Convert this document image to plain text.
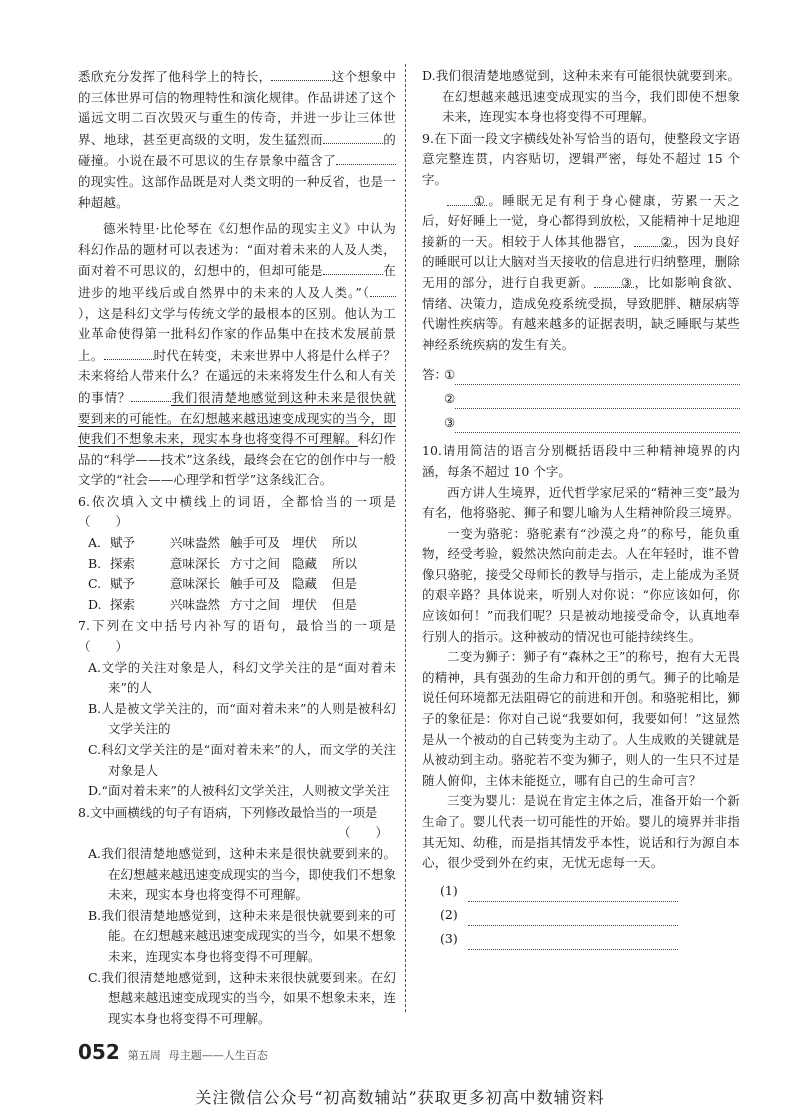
悉欣充分发挥了他科学上的特长，	这个想象中的三体世界可信的物理特性和演化规律。作品讲述了这个遥远文明二百次毁灭与重生的传奇，并进一步让三体世界、地球，甚至更高级的文明，发生猛烈而	的碰撞。小说在最不可思议的生存景象中蕴含了的现实性。这部作品既是对人类文明的一种反省，也是一种超越。

德米特里·比伦琴在《幻想作品的现实主义》中认为科幻作品的题材可以表述为：“面对着未来的人及人类，面对着不可思议的，幻想中的，但却可能是	在进步的地平线后或自然界中的未来的人及人类。”（），这是科幻文学与传统文学的最根本的区别。他认为工业革命使得第一批科幻作家的作品集中在技术发展前景上。	时代在转变，未来世界中人将是什么样子？未来将给人带来什么？在遥远的未来将发生什么和人有关的事情？	我们很清楚地感觉到这种未来是很快就要到来的可能性。在幻想越来越迅速变成现实的当今，即使我们不想象未来，现实本身也将变得不可理解。科幻作品的“科学——技术”这条线，最终会在它的创作中与一般文学的“社会——心理学和哲学”这条线汇合。

6.依次填入文中横线上的词语，全都恰当的一项是（　　）

A. 赋予	兴味盎然 触手可及 埋伏	所以
B. 探索	意味深长 方寸之间 隐藏	所以
C. 赋予	意味深长 触手可及 隐藏	但是
D. 探索	兴味盎然 方寸之间 埋伏	但是

7.下列在文中括号内补写的语句，最恰当的一项是（　　）

A.文学的关注对象是人，科幻文学关注的是“面对着未来”的人

B.人是被文学关注的，而“面对着未来”的人则是被科幻文学关注的

C.科幻文学关注的是“面对着未来”的人，而文学的关注对象是人

D.“面对着未来”的人被科幻文学关注，人则被文学关注

8.文中画横线的句子有语病，下列修改最恰当的一项是

（　　）

A.我们很清楚地感觉到，这种未来是很快就要到来的。在幻想越来越迅速变成现实的当今，即使我们不想象未来，现实本身也将变得不可理解。

B.我们很清楚地感觉到，这种未来是很快就要到来的可能。在幻想越来越迅速变成现实的当今，如果不想象未来，连现实本身也将变得不可理解。

C.我们很清楚地感觉到，这种未来很快就要到来。在幻想越来越迅速变成现实的当今，如果不想象未来，连现实本身也将变得不可理解。

D.我们很清楚地感觉到，这种未来有可能很快就要到来。在幻想越来越迅速变成现实的当今，我们即使不想象未来，连现实本身也将变得不可理解。

9.在下面一段文字横线处补写恰当的语句，使整段文字语意完整连贯，内容贴切，逻辑严密，每处不超过 15 个字。

① 。睡眠无足有利于身心健康，劳累一天之后，好好睡上一觉，身心都得到放松，又能精神十足地迎接新的一天。相较于人体其他器官， ② ，因为良好的睡眠可以让大脑对当天接收的信息进行归纳整理，删除无用的部分，进行自我更新。 ③ ，比如影响食欲、情绪、决策力，造成免疫系统受损，导致肥胖、糖尿病等代谢性疾病等。有越来越多的证据表明，缺乏睡眠与某些神经系统疾病的发生有关。

答：
①
②
③

10.请用简洁的语言分别概括语段中三种精神境界的内涵，每条不超过 10 个字。

西方讲人生境界，近代哲学家尼采的“精神三变”最为有名，他将骆驼、狮子和婴儿喻为人生精神阶段三境界。

一变为骆驼：骆驼素有“沙漠之舟”的称号，能负重物，经受考验，毅然决然向前走去。人在年轻时，谁不曾像只骆驼，接受父母师长的教导与指示，走上能成为圣贤的艰辛路？具体说来，听别人对你说：“你应该如何，你应该如何！”而我们呢？只是被动地接受命令，认真地奉行别人的指示。这种被动的情况也可能持续终生。

二变为狮子：狮子有“森林之王”的称号，抱有大无畏的精神，具有强劲的生命力和开创的勇气。狮子的比喻是说任何环境都无法阻碍它的前进和开创。和骆驼相比，狮子的象征是：你对自己说“我要如何，我要如何！”这显然是从一个被动的自己转变为主动了。人生成败的关键就是从被动到主动。骆驼若不变为狮子，则人的一生只不过是随人俯仰，主体未能挺立，哪有自己的生命可言？

三变为婴儿：是说在肯定主体之后，准备开始一个新生命了。婴儿代表一切可能性的开始。婴儿的境界并非指其无知、幼稚，而是指其情发乎本性，说话和行为源自本心，很少受到外在约束，无忧无虑每一天。

(1)
(2)
(3)
052 第五周 母主题——人生百态
关注微信公众号“初高数辅站”获取更多初高中数辅资料
